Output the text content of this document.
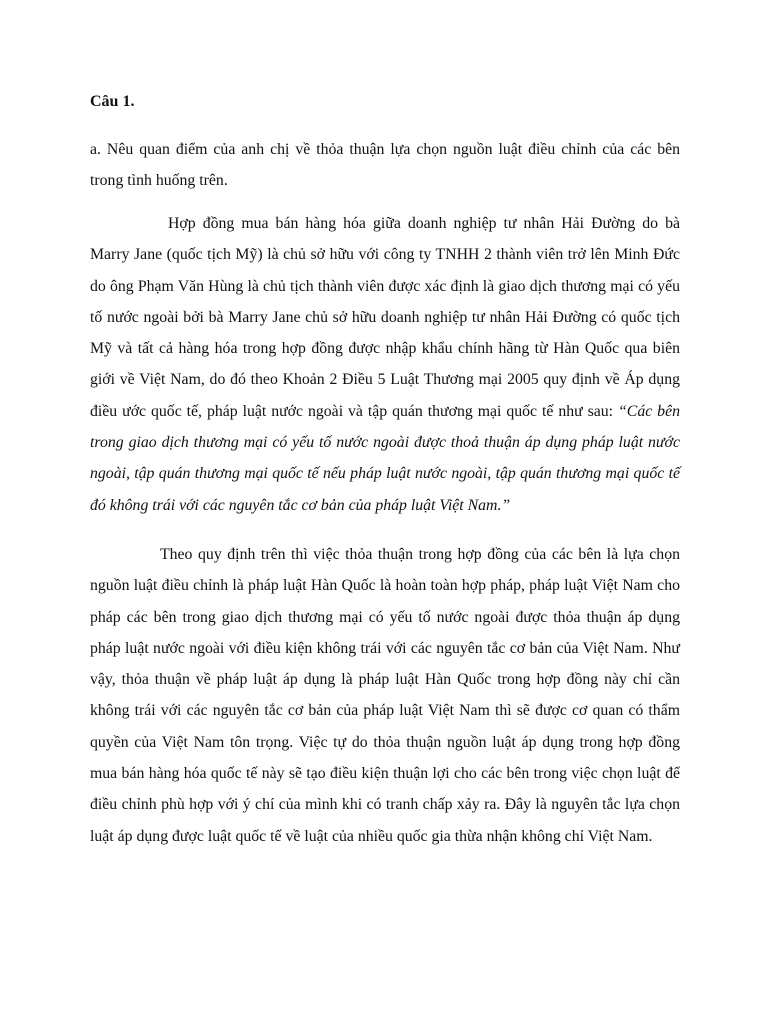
Câu 1.

a. Nêu quan điểm của anh chị về thỏa thuận lựa chọn nguồn luật điều chỉnh của các bên trong tình huống trên.

Hợp đồng mua bán hàng hóa giữa doanh nghiệp tư nhân Hải Đường do bà Marry Jane (quốc tịch Mỹ) là chủ sở hữu với công ty TNHH 2 thành viên trở lên Minh Đức do ông Phạm Văn Hùng là chủ tịch thành viên được xác định là giao dịch thương mại có yếu tố nước ngoài bởi bà Marry Jane chủ sở hữu doanh nghiệp tư nhân Hải Đường có quốc tịch Mỹ và tất cả hàng hóa trong hợp đồng được nhập khẩu chính hãng từ Hàn Quốc qua biên giới về Việt Nam, do đó theo Khoản 2 Điều 5 Luật Thương mại 2005 quy định về Áp dụng điều ước quốc tế, pháp luật nước ngoài và tập quán thương mại quốc tế như sau: “Các bên trong giao dịch thương mại có yếu tố nước ngoài được thoả thuận áp dụng pháp luật nước ngoài, tập quán thương mại quốc tế nếu pháp luật nước ngoài, tập quán thương mại quốc tế đó không trái với các nguyên tắc cơ bản của pháp luật Việt Nam.”

Theo quy định trên thì việc thỏa thuận trong hợp đồng của các bên là lựa chọn nguồn luật điều chỉnh là pháp luật Hàn Quốc là hoàn toàn hợp pháp, pháp luật Việt Nam cho pháp các bên trong giao dịch thương mại có yếu tố nước ngoài được thỏa thuận áp dụng pháp luật nước ngoài với điều kiện không trái với các nguyên tắc cơ bản của Việt Nam. Như vậy, thỏa thuận về pháp luật áp dụng là pháp luật Hàn Quốc trong hợp đồng này chỉ cần không trái với các nguyên tắc cơ bản của pháp luật Việt Nam thì sẽ được cơ quan có thẩm quyền của Việt Nam tôn trọng. Việc tự do thỏa thuận nguồn luật áp dụng trong hợp đồng mua bán hàng hóa quốc tế này sẽ tạo điều kiện thuận lợi cho các bên trong việc chọn luật để điều chỉnh phù hợp với ý chí của mình khi có tranh chấp xảy ra. Đây là nguyên tắc lựa chọn luật áp dụng được luật quốc tế về luật của nhiều quốc gia thừa nhận không chỉ Việt Nam.
